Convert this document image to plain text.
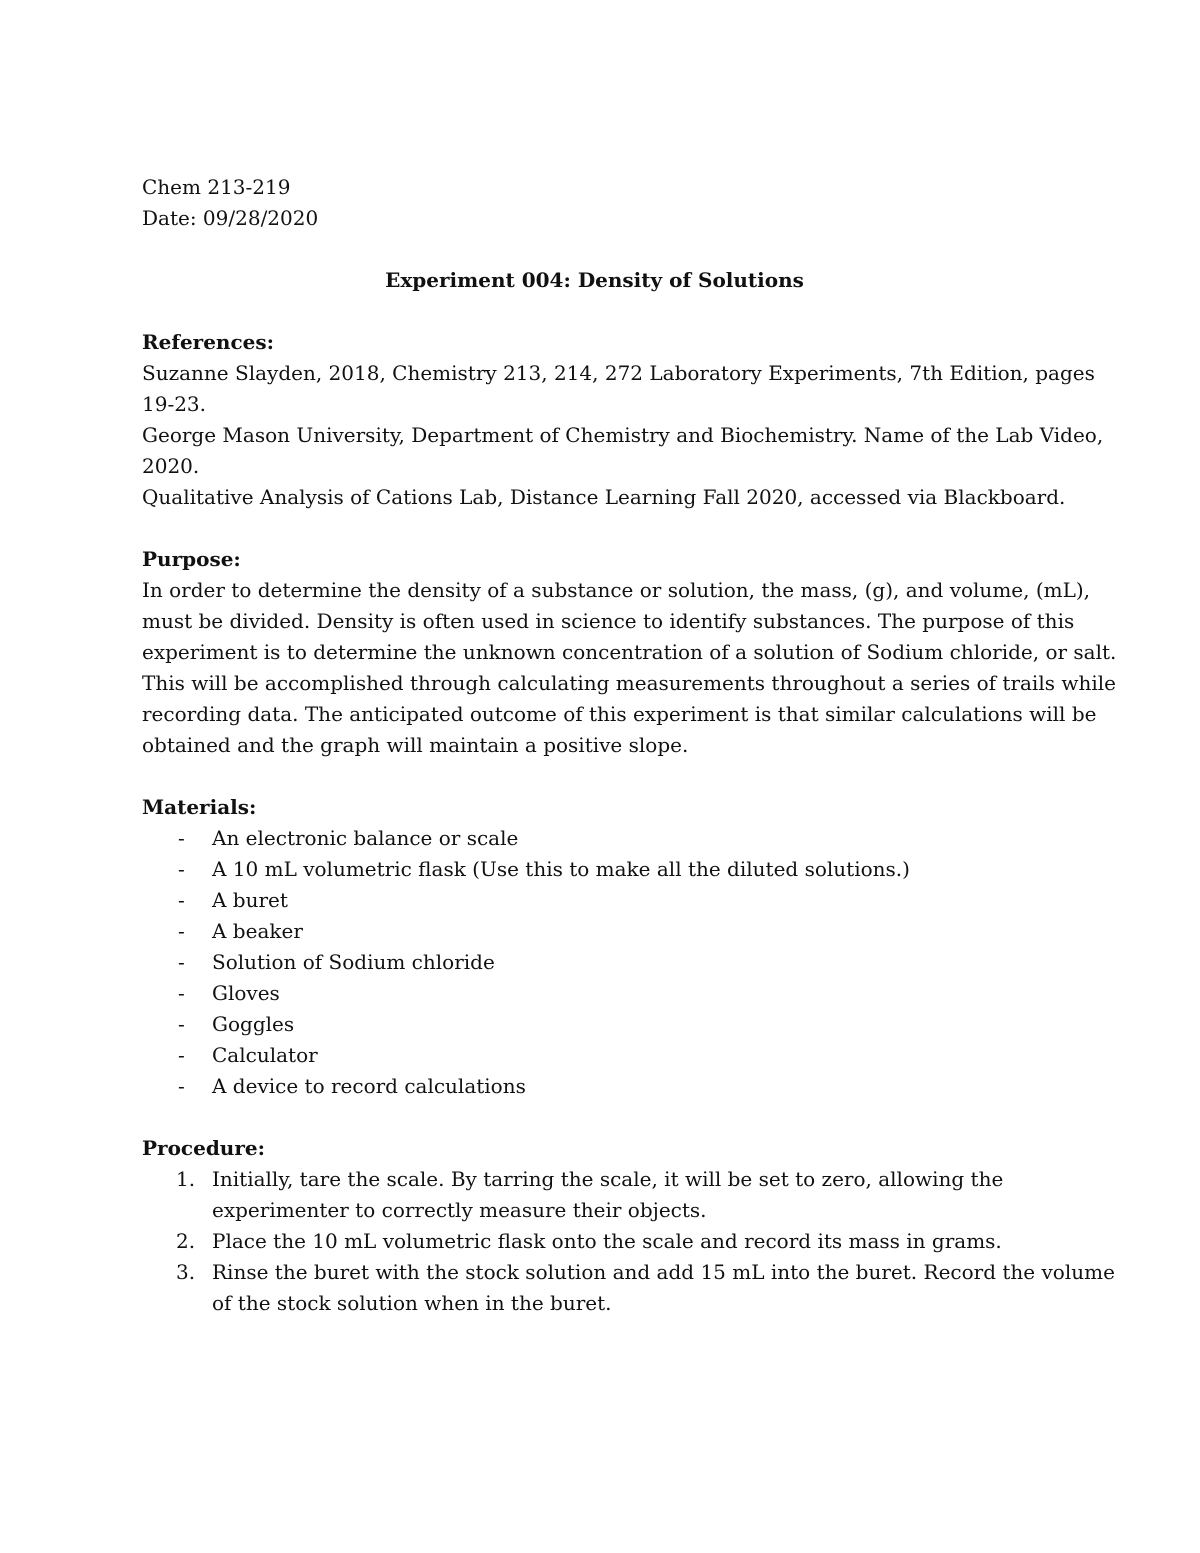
Chem 213-219
Date: 09/28/2020
Experiment 004: Density of Solutions
References:
Suzanne Slayden, 2018, Chemistry 213, 214, 272 Laboratory Experiments, 7th Edition, pages
19-23.
George Mason University, Department of Chemistry and Biochemistry. Name of the Lab Video,
2020.
Qualitative Analysis of Cations Lab, Distance Learning Fall 2020, accessed via Blackboard.
Purpose:
In order to determine the density of a substance or solution, the mass, (g), and volume, (mL),
must be divided. Density is often used in science to identify substances. The purpose of this
experiment is to determine the unknown concentration of a solution of Sodium chloride, or salt.
This will be accomplished through calculating measurements throughout a series of trails while
recording data. The anticipated outcome of this experiment is that similar calculations will be
obtained and the graph will maintain a positive slope.
Materials:
- An electronic balance or scale
- A 10 mL volumetric flask (Use this to make all the diluted solutions.)
- A buret
- A beaker
- Solution of Sodium chloride
- Gloves
- Goggles
- Calculator
- A device to record calculations
Procedure:
1. Initially, tare the scale. By tarring the scale, it will be set to zero, allowing the
experimenter to correctly measure their objects.
2. Place the 10 mL volumetric flask onto the scale and record its mass in grams.
3. Rinse the buret with the stock solution and add 15 mL into the buret. Record the volume
of the stock solution when in the buret.
